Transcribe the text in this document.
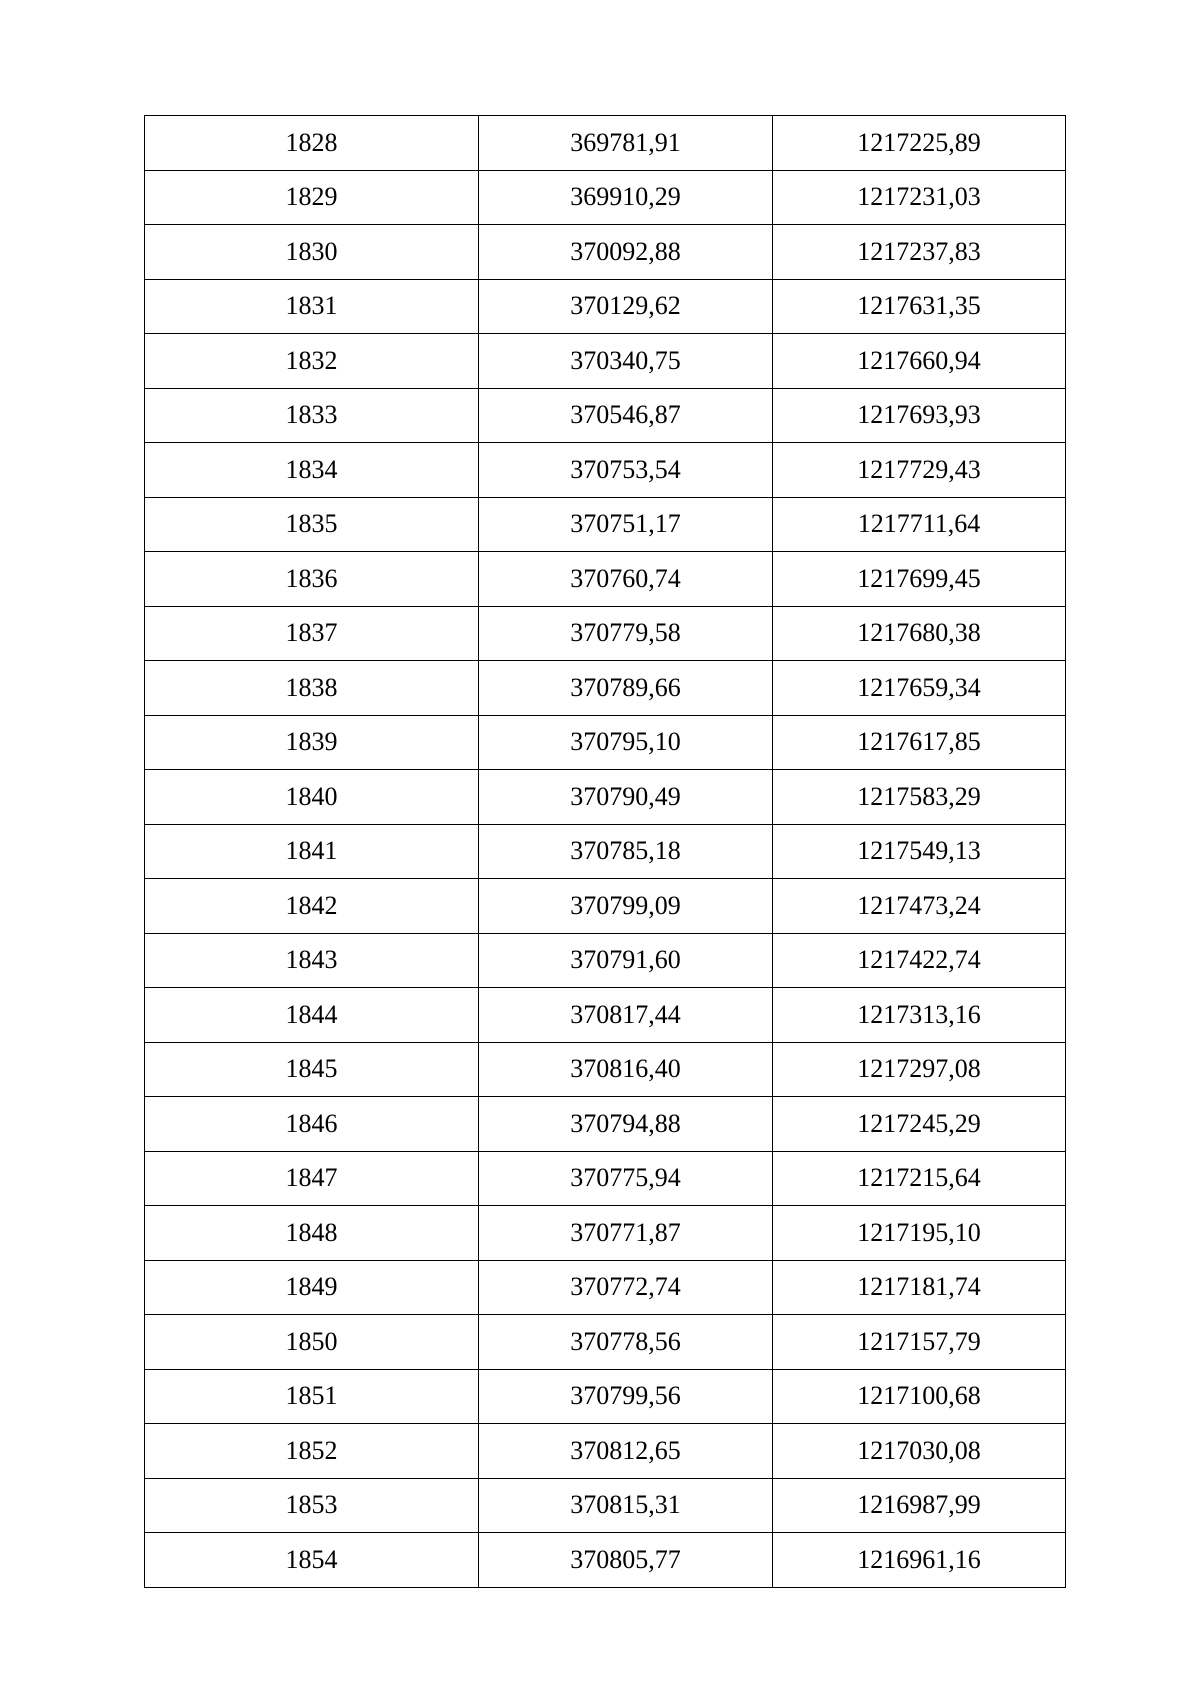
1828	369781,91	1217225,89
1829	369910,29	1217231,03
1830	370092,88	1217237,83
1831	370129,62	1217631,35
1832	370340,75	1217660,94
1833	370546,87	1217693,93
1834	370753,54	1217729,43
1835	370751,17	1217711,64
1836	370760,74	1217699,45
1837	370779,58	1217680,38
1838	370789,66	1217659,34
1839	370795,10	1217617,85
1840	370790,49	1217583,29
1841	370785,18	1217549,13
1842	370799,09	1217473,24
1843	370791,60	1217422,74
1844	370817,44	1217313,16
1845	370816,40	1217297,08
1846	370794,88	1217245,29
1847	370775,94	1217215,64
1848	370771,87	1217195,10
1849	370772,74	1217181,74
1850	370778,56	1217157,79
1851	370799,56	1217100,68
1852	370812,65	1217030,08
1853	370815,31	1216987,99
1854	370805,77	1216961,16
